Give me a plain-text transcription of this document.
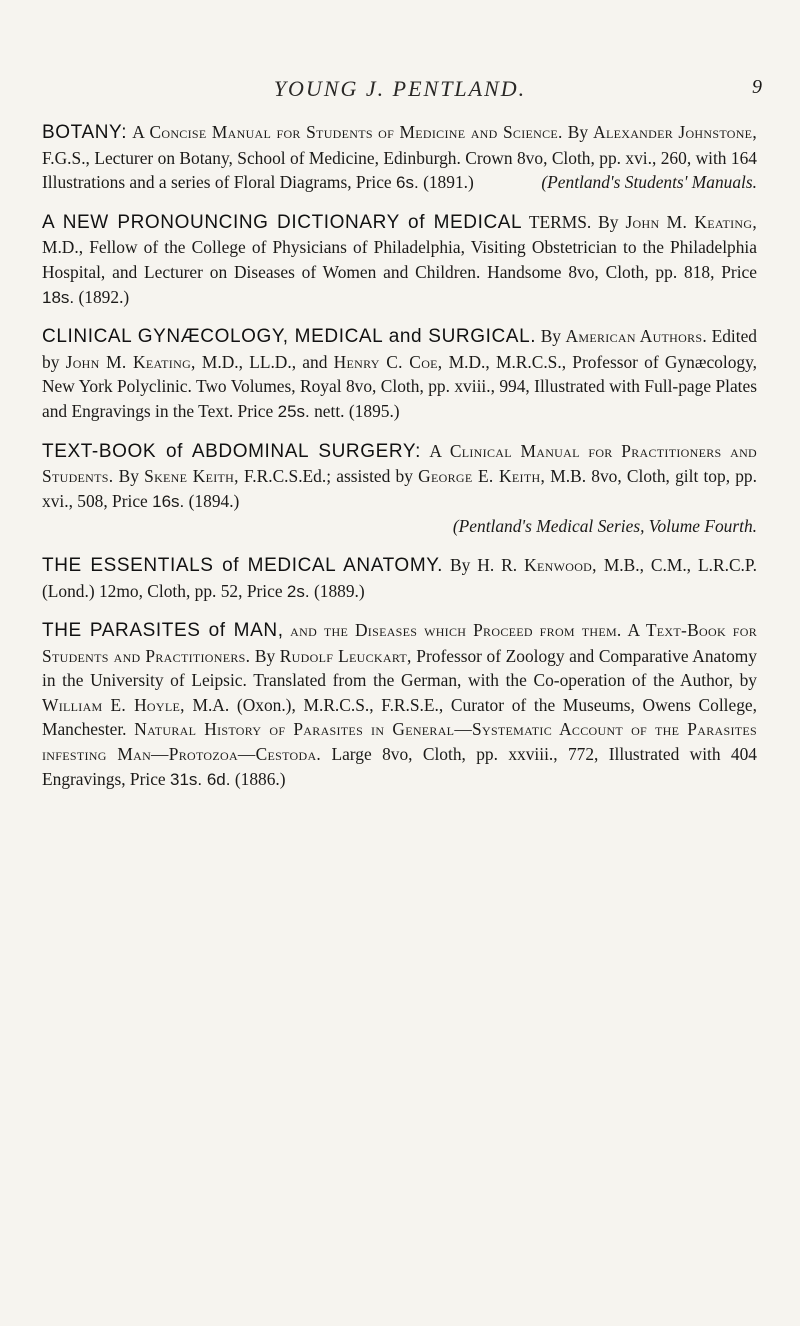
YOUNG J. PENTLAND.	9

BOTANY: A Concise Manual for Students of Medicine and Science. By Alexander Johnstone, F.G.S., Lecturer on Botany, School of Medicine, Edinburgh. Crown 8vo, Cloth, pp. xvi., 260, with 164 Illustrations and a series of Floral Diagrams, Price 6s. (1891.)	(Pentland's Students' Manuals.

A NEW PRONOUNCING DICTIONARY of MEDICAL TERMS. By John M. Keating, M.D., Fellow of the College of Physicians of Philadelphia, Visiting Obstetrician to the Philadelphia Hospital, and Lecturer on Diseases of Women and Children. Handsome 8vo, Cloth, pp. 818, Price 18s. (1892.)

CLINICAL GYNÆCOLOGY, MEDICAL and SURGICAL. By American Authors. Edited by John M. Keating, M.D., LL.D., and Henry C. Coe, M.D., M.R.C.S., Professor of Gynæcology, New York Polyclinic. Two Volumes, Royal 8vo, Cloth, pp. xviii., 994, Illustrated with Full-page Plates and Engravings in the Text. Price 25s. nett. (1895.)

TEXT-BOOK of ABDOMINAL SURGERY: A Clinical Manual for Practitioners and Students. By Skene Keith, F.R.C.S.Ed.; assisted by George E. Keith, M.B. 8vo, Cloth, gilt top, pp. xvi., 508, Price 16s. (1894.)
(Pentland's Medical Series, Volume Fourth.

THE ESSENTIALS of MEDICAL ANATOMY. By H. R. Kenwood, M.B., C.M., L.R.C.P. (Lond.) 12mo, Cloth, pp. 52, Price 2s. (1889.)

THE PARASITES of MAN, and the Diseases which Proceed from them. A Text-Book for Students and Practitioners. By Rudolf Leuckart, Professor of Zoology and Comparative Anatomy in the University of Leipsic. Translated from the German, with the Co-operation of the Author, by William E. Hoyle, M.A. (Oxon.), M.R.C.S., F.R.S.E., Curator of the Museums, Owens College, Manchester. Natural History of Parasites in General—Systematic Account of the Parasites infesting Man—Protozoa—Cestoda. Large 8vo, Cloth, pp. xxviii., 772, Illustrated with 404 Engravings, Price 31s. 6d. (1886.)
